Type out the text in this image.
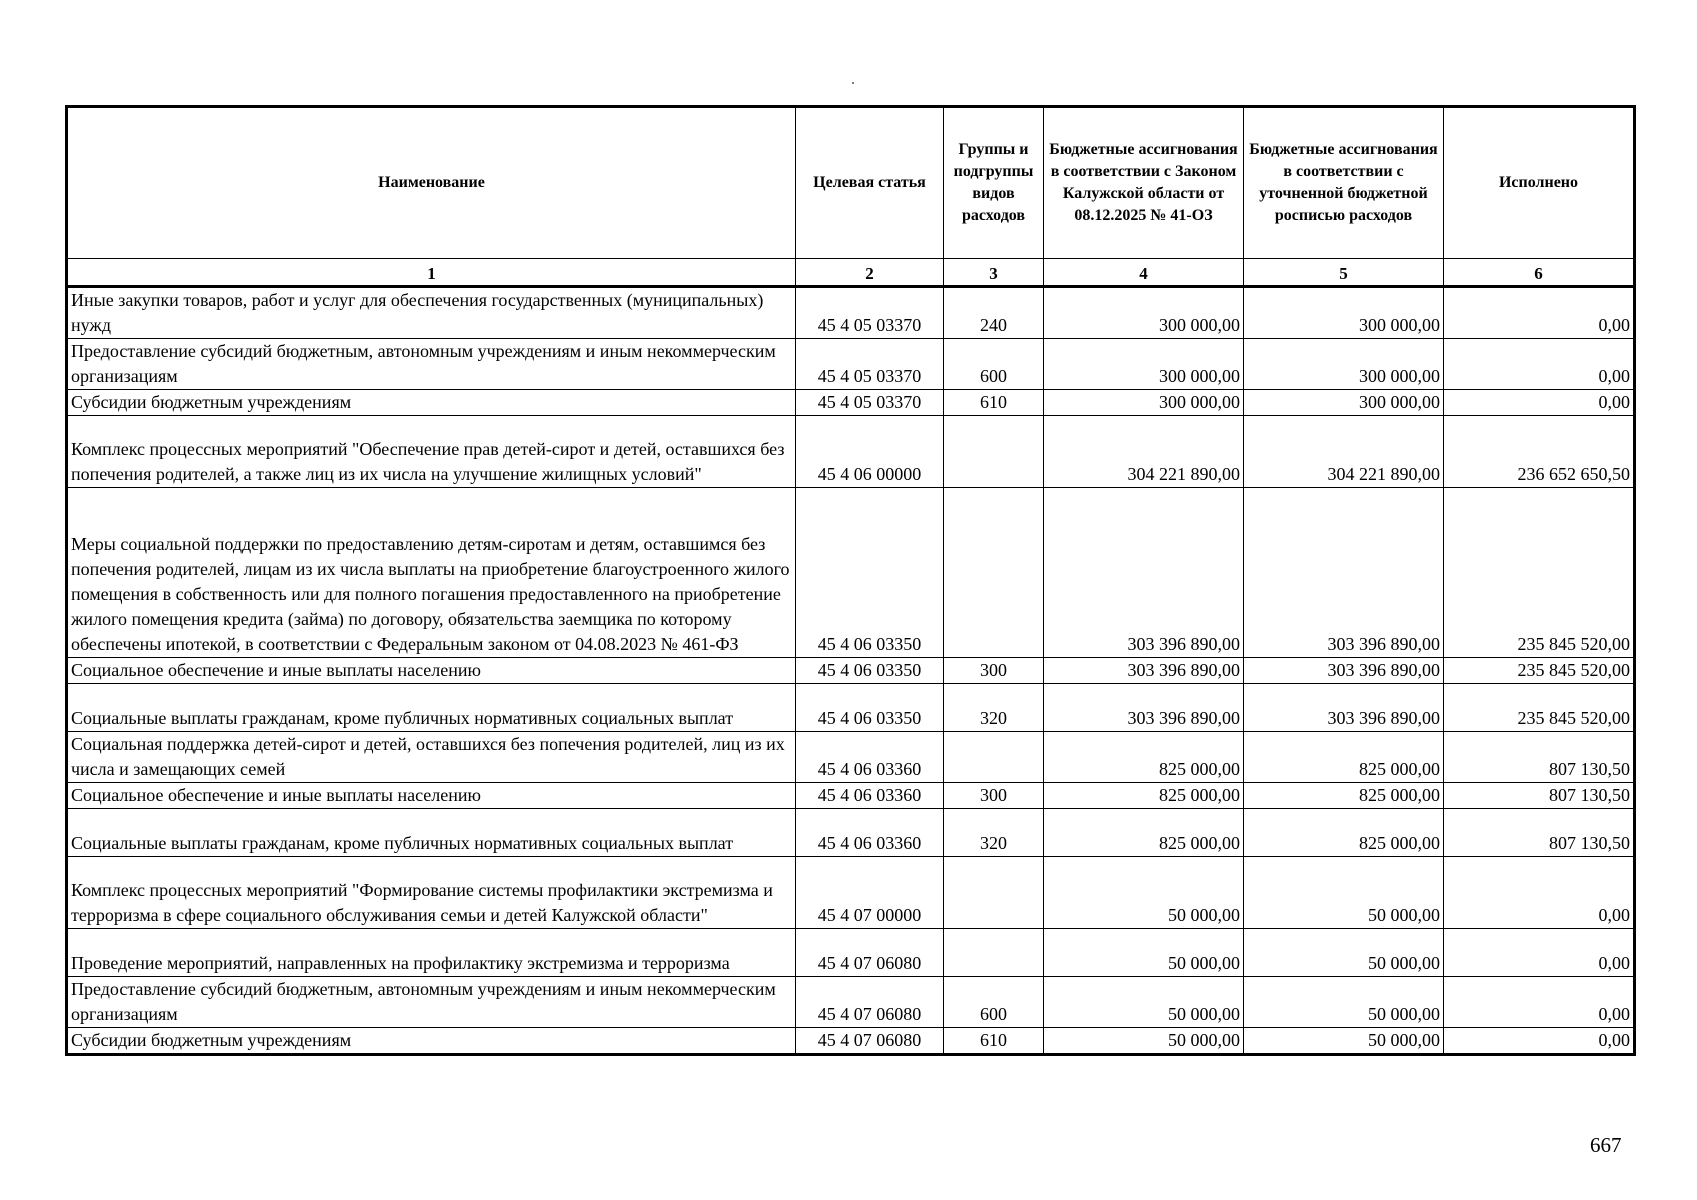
Наименование	Целевая статья	Группы и подгруппы видов расходов	Бюджетные ассигнования в соответствии с Законом Калужской области от 08.12.2025 № 41-ОЗ	Бюджетные ассигнования в соответствии с уточненной бюджетной росписью расходов	Исполнено
1	2	3	4	5	6
Иные закупки товаров, работ и услуг для обеспечения государственных (муниципальных) нужд	45 4 05 03370	240	300 000,00	300 000,00	0,00
Предоставление субсидий бюджетным, автономным учреждениям и иным некоммерческим организациям	45 4 05 03370	600	300 000,00	300 000,00	0,00
Субсидии бюджетным учреждениям	45 4 05 03370	610	300 000,00	300 000,00	0,00
Комплекс процессных мероприятий "Обеспечение прав детей-сирот и детей, оставшихся без попечения родителей, а также лиц из их числа на улучшение жилищных условий"	45 4 06 00000		304 221 890,00	304 221 890,00	236 652 650,50
Меры социальной поддержки по предоставлению детям-сиротам и детям, оставшимся без попечения родителей, лицам из их числа выплаты на приобретение благоустроенного жилого помещения в собственность или для полного погашения предоставленного на приобретение жилого помещения кредита (займа) по договору, обязательства заемщика по которому обеспечены ипотекой, в соответствии с Федеральным законом от 04.08.2023 № 461-ФЗ	45 4 06 03350		303 396 890,00	303 396 890,00	235 845 520,00
Социальное обеспечение и иные выплаты населению	45 4 06 03350	300	303 396 890,00	303 396 890,00	235 845 520,00
Социальные выплаты гражданам, кроме публичных нормативных социальных выплат	45 4 06 03350	320	303 396 890,00	303 396 890,00	235 845 520,00
Социальная поддержка детей-сирот и детей, оставшихся без попечения родителей, лиц из их числа и замещающих семей	45 4 06 03360		825 000,00	825 000,00	807 130,50
Социальное обеспечение и иные выплаты населению	45 4 06 03360	300	825 000,00	825 000,00	807 130,50
Социальные выплаты гражданам, кроме публичных нормативных социальных выплат	45 4 06 03360	320	825 000,00	825 000,00	807 130,50
Комплекс процессных мероприятий "Формирование системы профилактики экстремизма и терроризма в сфере социального обслуживания семьи и детей Калужской области"	45 4 07 00000		50 000,00	50 000,00	0,00
Проведение мероприятий, направленных на профилактику экстремизма и терроризма	45 4 07 06080		50 000,00	50 000,00	0,00
Предоставление субсидий бюджетным, автономным учреждениям и иным некоммерческим организациям	45 4 07 06080	600	50 000,00	50 000,00	0,00
Субсидии бюджетным учреждениям	45 4 07 06080	610	50 000,00	50 000,00	0,00
667
